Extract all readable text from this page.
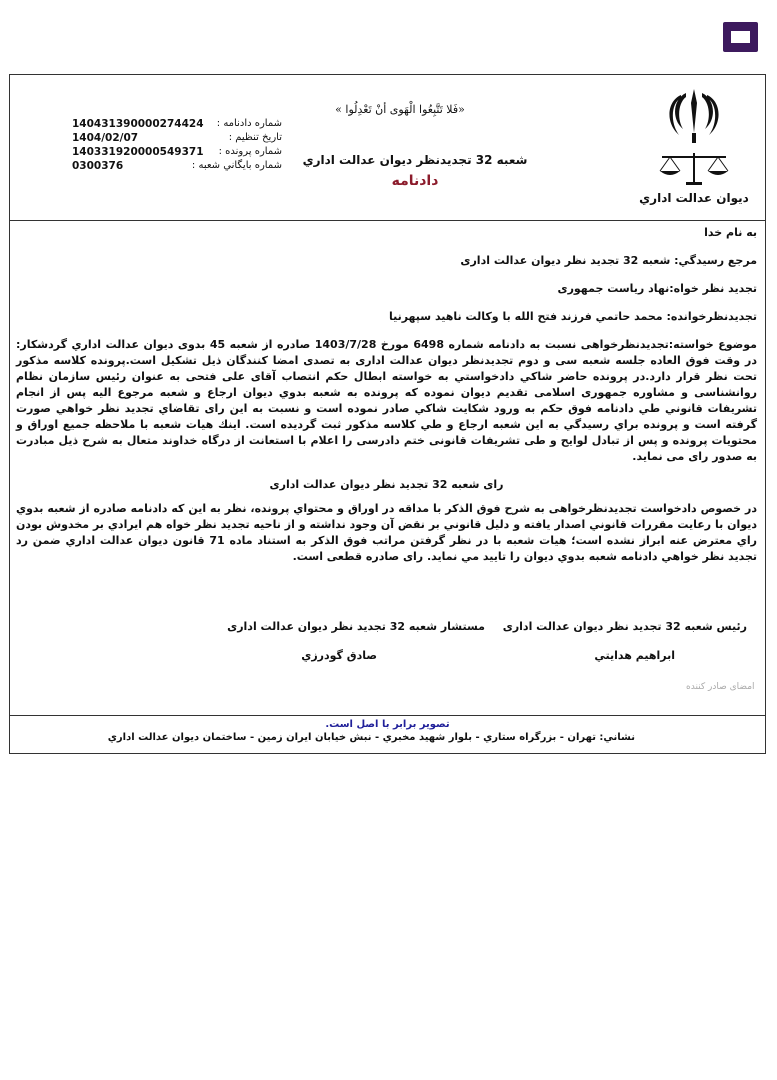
دیوان عدالت اداري
«فَلا تَتَّبِعُوا الْهَوی أنْ تَعْدِلُوا »
شعبه 32 تجدیدنظر دیوان عدالت اداري
دادنامه
شماره دادنامه :
140431390000274424
تاريخ تنظيم :
1404/02/07
شماره پرونده :
140331920000549371
شماره بايگاني شعبه :
0300376

به نام خدا

مرجع رسیدگي: شعبه 32 تجدید نظر دیوان عدالت اداری

تجدید نظر خواه:نهاد رياست جمهوری

تجدیدنظرخوانده: محمد حاتمي فرزند فتح الله با وکالت ناهيد سپهرنيا

موضوع خواسته:تجدیدنظرخواهی نسبت به دادنامه شماره 6498 مورخ 1403/7/28 صادره از شعبه 45 بدوی دیوان عدالت اداري گردشکار: در وقت فوق العاده جلسه شعبه سی و دوم تجدیدنظر دیوان عدالت اداری به تصدی امضا کنندگان ذیل تشکیل است.پرونده کلاسه مذکور تحت نظر قرار دارد.در پرونده حاضر شاكي دادخواستي به خواسته ابطال حکم انتصاب آقای علی فتحی به عنوان رئیس سازمان نظام روانشناسی و مشاوره جمهوری اسلامی تقديم ديوان نموده كه پرونده به شعبه بدوي ديوان ارجاع و شعبه مرجوع اليه پس از انجام تشريفات قانوني طي دادنامه فوق حكم به ورود شكايت شاكي صادر نموده است و نسبت به اين راى تقاضاي تجديد نظر خواهي صورت گرفته است و پرونده براي رسيدگي به اين شعبه ارجاع و طي كلاسه مذكور ثبت گرديده است. اينك هيات شعبه با ملاحظه جميع اوراق و محتويات پرونده و پس از تبادل لوايح و طی تشریفات قانونی ختم دادرسی را اعلام با استعانت از درگاه خداوند متعال به شرح ذيل مبادرت به صدور راى می نمايد.

رای شعبه 32 تجدید نظر دیوان عدالت اداری

در خصوص دادخواست تجدیدنظرخواهی به شرح فوق الذكر با مداقه در اوراق و محتواي پرونده، نظر به اين كه دادنامه صادره از شعبه بدوي ديوان با رعايت مقررات قانوني اصدار يافته و دليل قانوني بر نقض آن وجود نداشته و از ناحيه تجديد نظر خواه هم ايرادي بر مخدوش بودن راي معترض عنه ابراز نشده است؛ هيات شعبه با در نظر گرفتن مراتب فوق الذكر به استناد ماده 71 قانون ديوان عدالت اداري ضمن رد تجديد نظر خواهي دادنامه شعبه بدوي ديوان را تاييد مي نمايد. راى صادره قطعی است.

رئيس شعبه 32 تجدید نظر دیوان عدالت اداری
ابراهيم هدايتي
مستشار شعبه 32 تجدید نظر دیوان عدالت اداری
صادق گودرزي
امضای صادر کننده
تصویر برابر با اصل است.
نشاني: تهران - بزرگراه ستاري - بلوار شهيد مخبري - نبش خيابان ايران زمين - ساختمان ديوان عدالت اداري
